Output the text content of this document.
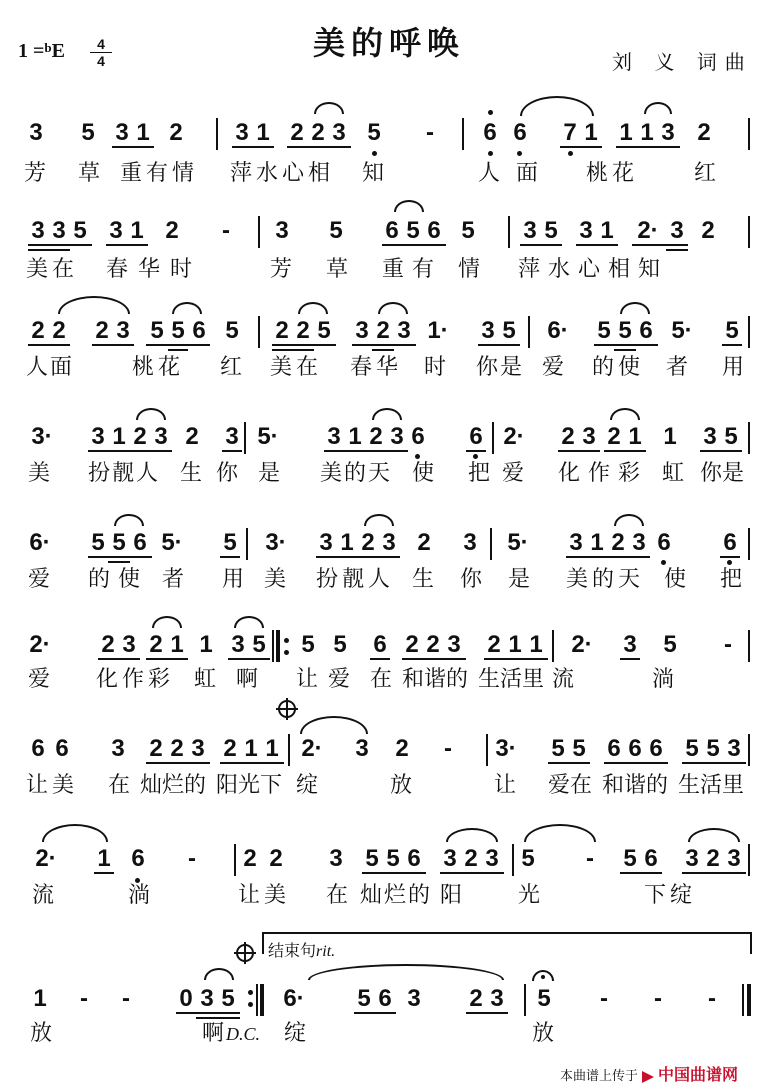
1 =$^b$E	4
4	美的呼唤	刘 义 词曲
3 5 3 1 2 3 1 2 2 3 5 - 6 6 7 1 1 1 3 2
芳 草 重有情 萍水心相 知	人面 桃花	红
3 3 5 3 1 2 - 3 5 6 5 6 5 3 5 3 1 2· 3 2
美在 春华时	芳 草 重有 情 萍水心相知
2 2 2 3 5 5 6 5 2 2 5 3 2 3 1· 3 5 6· 5 5 6 5· 5
人面	桃花 红 美在 春华 时 你是 爱 的使 者 用
3· 3 1 2 3 2 3 5· 3 1 2 3 6 6 2· 2 3 2 1 1 3 5
美 扮靓人 生 你 是 美的天 使 把 爱 化作彩 虹 你是
6· 5 5 6 5· 5 3· 3 1 2 3 2 3 5· 3 1 2 3 6 6
爱 的使 者 用 美 扮靓人 生 你 是 美的天 使 把
2· 2 3 2 1 1 3 5 5 5 6 2 2 3 2 1 1 2· 3 5 -
爱 化作彩 虹 啊 让 爱 在 和谐的 生活里 流	淌
6 6 3 2 2 3 2 1 1 2· 3 2 - 3· 5 5 6 6 6 5 5 3
让美 在 灿烂的 阳光下 绽	放	让 爱在 和谐的 生活里
2· 1 6 - 2 2 3 5 5 6 3 2 3 5 - 5 6 3 2 3
流	淌	让美 在 灿烂的 阳	光	下绽
结束句rit.
1 - - 0 3 5 6· 5 6 3 2 3 5 - - -
放	啊 D.C. 绽	放
本曲谱上传于 中国曲谱网
